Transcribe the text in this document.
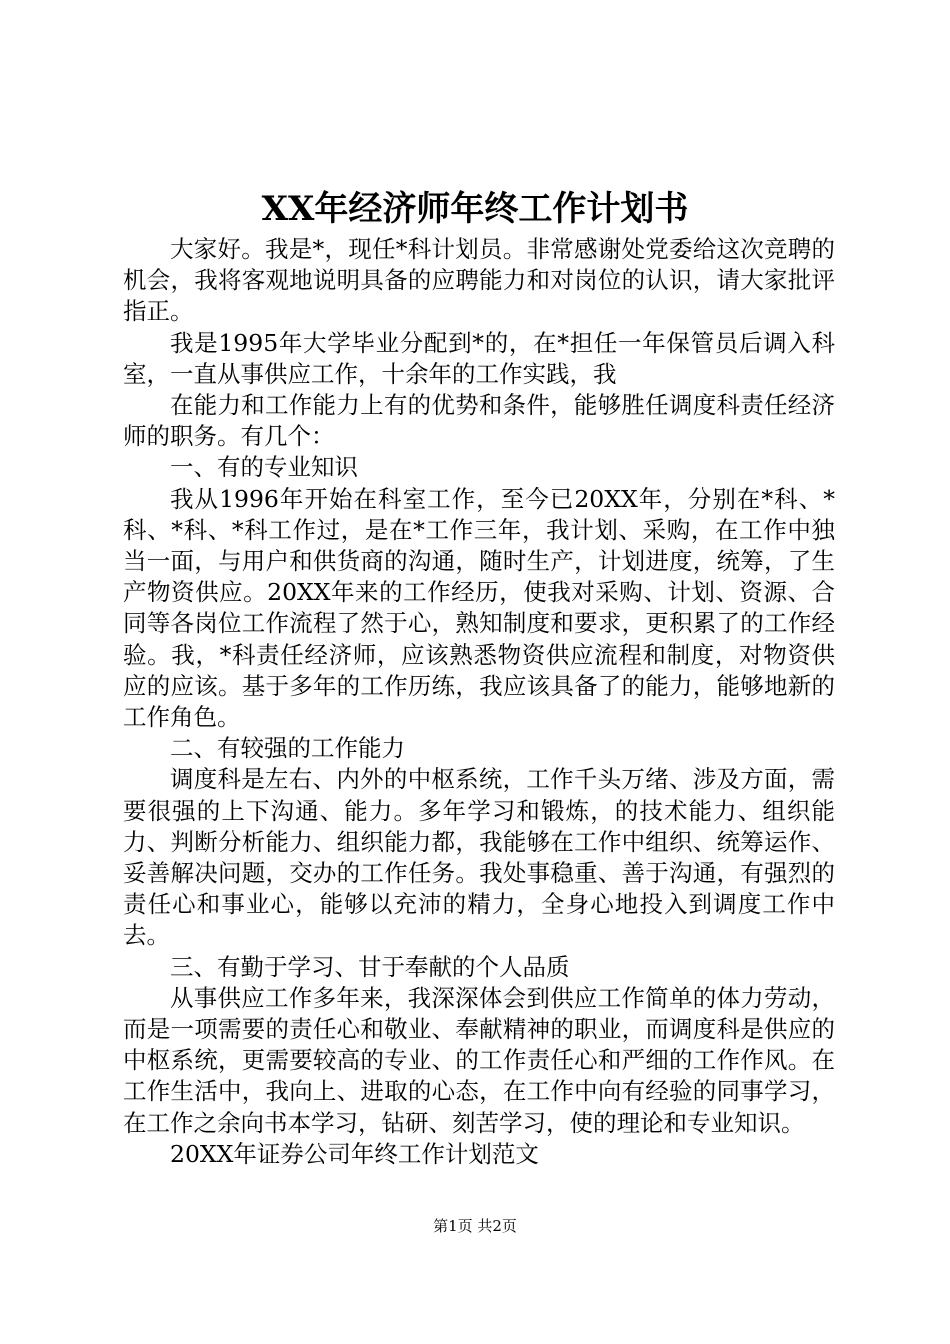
XX年经济师年终工作计划书

大家好。我是*，现任*科计划员。非常感谢处党委给这次竞聘的机会，我将客观地说明具备的应聘能力和对岗位的认识，请大家批评指正。

我是1995年大学毕业分配到*的，在*担任一年保管员后调入科室，一直从事供应工作，十余年的工作实践，我

在能力和工作能力上有的优势和条件，能够胜任调度科责任经济师的职务。有几个：

一、有的专业知识

我从1996年开始在科室工作，至今已20XX年，分别在*科、*科、*科、*科工作过，是在*工作三年，我计划、采购，在工作中独当一面，与用户和供货商的沟通，随时生产，计划进度，统筹，了生产物资供应。20XX年来的工作经历，使我对采购、计划、资源、合同等各岗位工作流程了然于心，熟知制度和要求，更积累了的工作经验。我，*科责任经济师，应该熟悉物资供应流程和制度，对物资供应的应该。基于多年的工作历练，我应该具备了的能力，能够地新的工作角色。

二、有较强的工作能力

调度科是左右、内外的中枢系统，工作千头万绪、涉及方面，需要很强的上下沟通、能力。多年学习和锻炼，的技术能力、组织能力、判断分析能力、组织能力都，我能够在工作中组织、统筹运作、妥善解决问题，交办的工作任务。我处事稳重、善于沟通，有强烈的责任心和事业心，能够以充沛的精力，全身心地投入到调度工作中去。

三、有勤于学习、甘于奉献的个人品质

从事供应工作多年来，我深深体会到供应工作简单的体力劳动，而是一项需要的责任心和敬业、奉献精神的职业，而调度科是供应的中枢系统，更需要较高的专业、的工作责任心和严细的工作作风。在工作生活中，我向上、进取的心态，在工作中向有经验的同事学习，在工作之余向书本学习，钻研、刻苦学习，使的理论和专业知识。

20XX年证券公司年终工作计划范文

第1页 共2页
